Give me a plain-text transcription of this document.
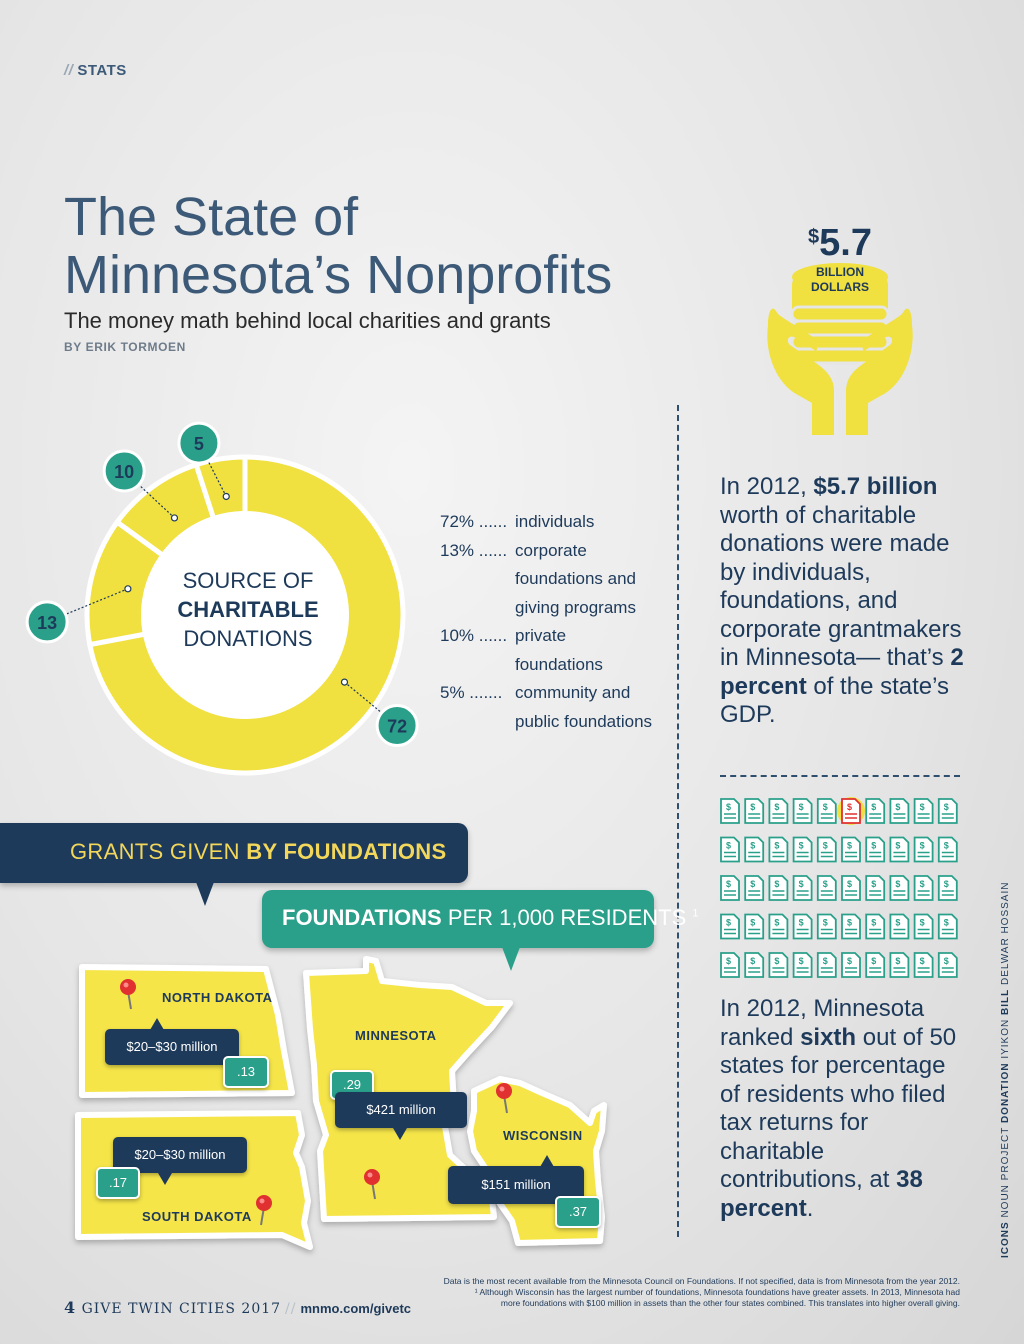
// STATS
The State of
Minnesota’s Nonprofits
The money math behind local charities and grants
BY ERIK TORMOEN
$5.7
BILLION
DOLLARS
72
13
10
5
SOURCE OF
CHARITABLE
DONATIONS
72% ...... individuals
13% ...... corporate
foundations and
giving programs
10% ...... private
foundations
5% ....... community and
public foundations
In 2012, $5.7 billion worth of charitable donations were made by individuals, foundations, and corporate grantmakers in Minnesota— that’s 2 percent of the state’s GDP.
$ $ $ $ $ $ $ $ $ $
$ $ $ $ $ $ $ $ $ $
$ $ $ $ $ $ $ $ $ $
$ $ $ $ $ $ $ $ $ $
$ $ $ $ $ $ $ $ $ $
In 2012, Minnesota ranked sixth out of 50 states for percentage of residents who filed tax returns for charitable contributions, at 38 percent.
GRANTS GIVEN BY FOUNDATIONS
FOUNDATIONS PER 1,000 RESIDENTS $^1$
NORTH DAKOTA
$20–$30 million
.13
MINNESOTA
.29
$421 million
WISCONSIN
$151 million
.37
$20–$30 million
.17
SOUTH DAKOTA
ICONS NOUN PROJECT DONATION IYIKON BILL DELWAR HOSSAIN
4 GIVE TWIN CITIES 2017 // mnmo.com/givetc
Data is the most recent available from the Minnesota Council on Foundations. If not specified, data is from Minnesota from the year 2012.
¹ Although Wisconsin has the largest number of foundations, Minnesota foundations have greater assets. In 2013, Minnesota had
more foundations with $100 million in assets than the other four states combined. This translates into higher overall giving.
